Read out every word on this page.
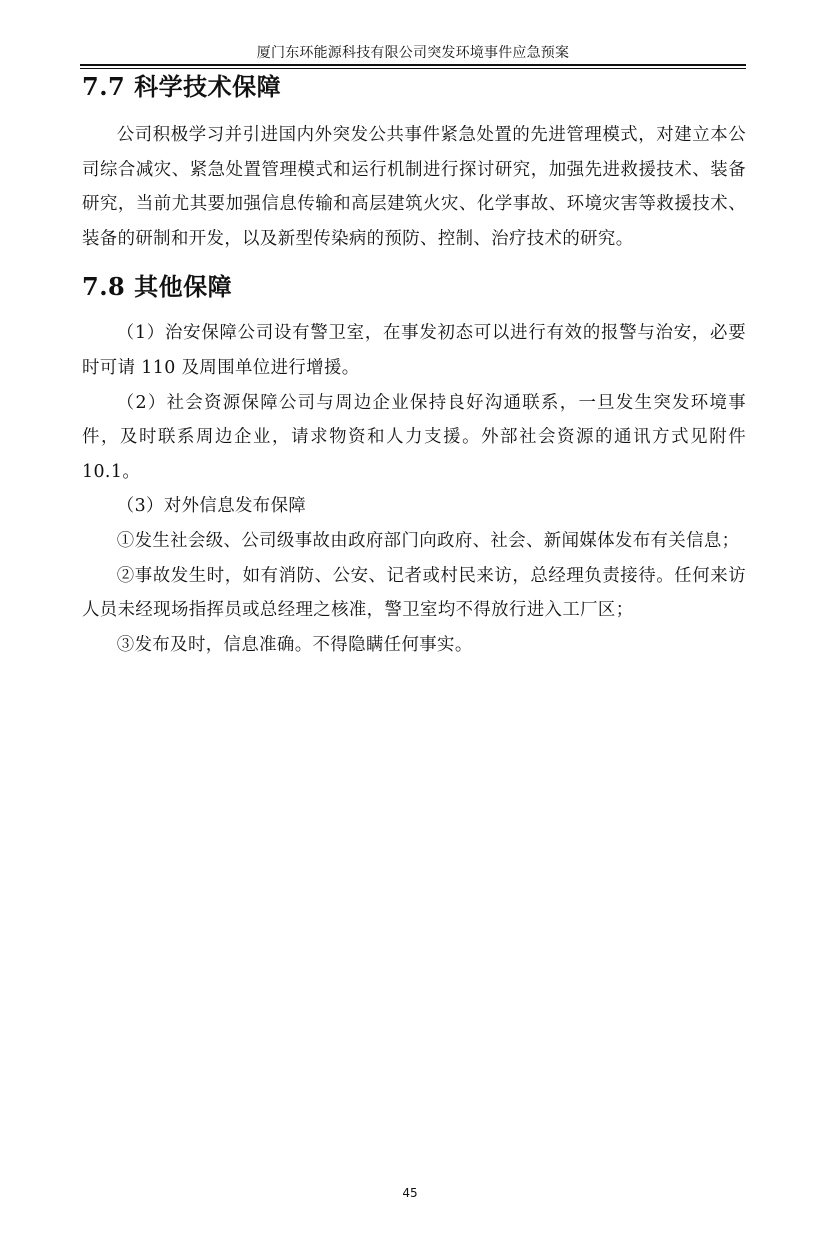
厦门东环能源科技有限公司突发环境事件应急预案
7.7 科学技术保障

公司积极学习并引进国内外突发公共事件紧急处置的先进管理模式，对建立本公司综合减灾、紧急处置管理模式和运行机制进行探讨研究，加强先进救援技术、装备研究，当前尤其要加强信息传输和高层建筑火灾、化学事故、环境灾害等救援技术、装备的研制和开发，以及新型传染病的预防、控制、治疗技术的研究。

7.8 其他保障

（1）治安保障公司设有警卫室，在事发初态可以进行有效的报警与治安，必要时可请 110 及周围单位进行增援。

（2）社会资源保障公司与周边企业保持良好沟通联系，一旦发生突发环境事件，及时联系周边企业，请求物资和人力支援。外部社会资源的通讯方式见附件 10.1。

（3）对外信息发布保障

①发生社会级、公司级事故由政府部门向政府、社会、新闻媒体发布有关信息；

②事故发生时，如有消防、公安、记者或村民来访，总经理负责接待。任何来访人员未经现场指挥员或总经理之核准，警卫室均不得放行进入工厂区；

③发布及时，信息准确。不得隐瞒任何事实。

45
